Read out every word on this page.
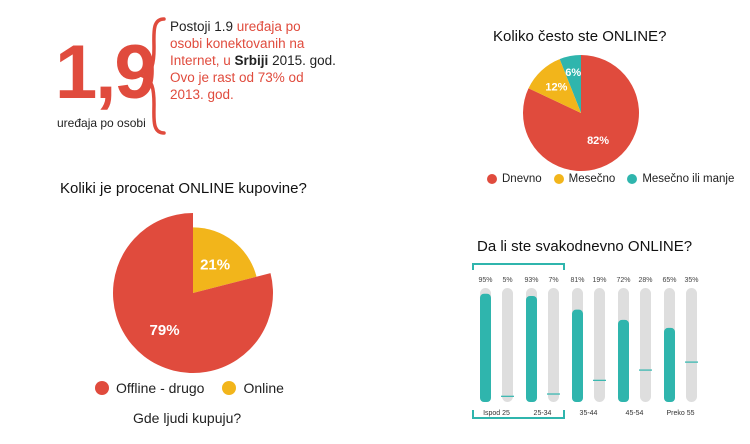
1,9
uređaja po osobi
Postoji 1.9 uređaja po
osobi konektovanih na
Internet, u Srbiji 2015. god.
Ovo je rast od 73% od
2013. god.
Koliko često ste ONLINE?
6%
82%
12%
Dnevno Mesečno Mesečno ili manje
Koliki je procenat ONLINE kupovine?
21%
79%
Offline - drugo	Online
Gde ljudi kupuju?
Da li ste svakodnevno ONLINE?
95% 5%
Ispod 25
93% 7%
25-34
81% 19%
35-44
72% 28%
45-54
65% 35%
Preko 55
